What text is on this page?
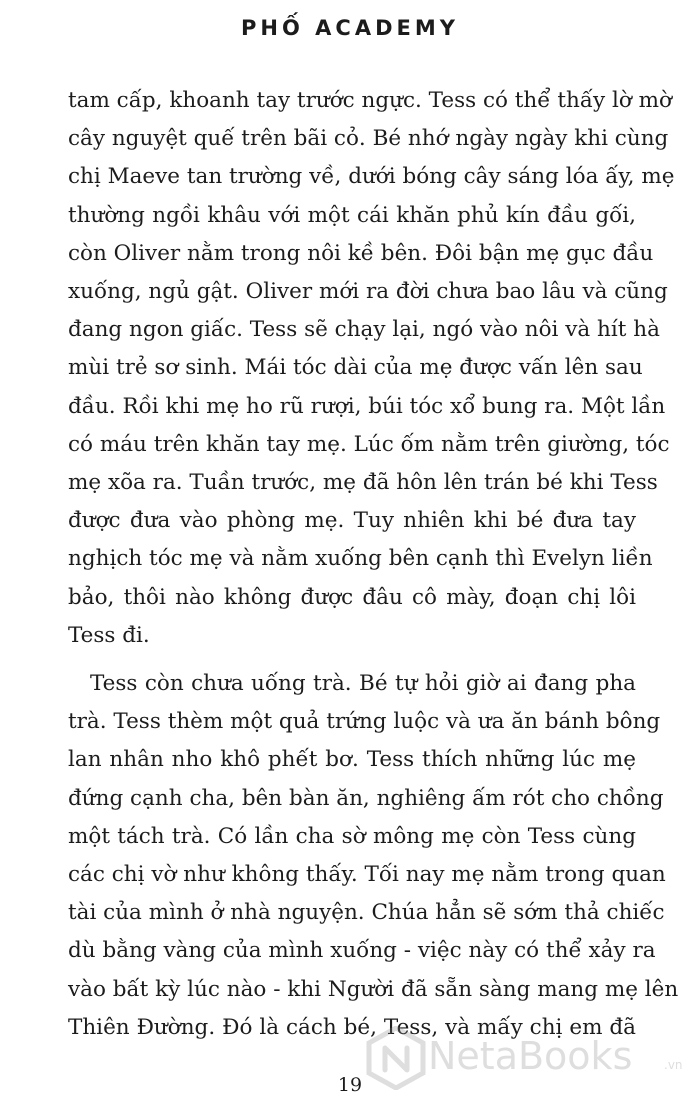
PHỐ ACADEMY
tam cấp, khoanh tay trước ngực. Tess có thể thấy lờ mờ
cây nguyệt quế trên bãi cỏ. Bé nhớ ngày ngày khi cùng
chị Maeve tan trường về, dưới bóng cây sáng lóa ấy, mẹ
thường ngồi khâu với một cái khăn phủ kín đầu gối,
còn Oliver nằm trong nôi kề bên. Đôi bận mẹ gục đầu
xuống, ngủ gật. Oliver mới ra đời chưa bao lâu và cũng
đang ngon giấc. Tess sẽ chạy lại, ngó vào nôi và hít hà
mùi trẻ sơ sinh. Mái tóc dài của mẹ được vấn lên sau
đầu. Rồi khi mẹ ho rũ rượi, búi tóc xổ bung ra. Một lần
có máu trên khăn tay mẹ. Lúc ốm nằm trên giường, tóc
mẹ xõa ra. Tuần trước, mẹ đã hôn lên trán bé khi Tess
được đưa vào phòng mẹ. Tuy nhiên khi bé đưa tay
nghịch tóc mẹ và nằm xuống bên cạnh thì Evelyn liền
bảo, thôi nào không được đâu cô mày, đoạn chị lôi
Tess đi.
Tess còn chưa uống trà. Bé tự hỏi giờ ai đang pha
trà. Tess thèm một quả trứng luộc và ưa ăn bánh bông
lan nhân nho khô phết bơ. Tess thích những lúc mẹ
đứng cạnh cha, bên bàn ăn, nghiêng ấm rót cho chồng
một tách trà. Có lần cha sờ mông mẹ còn Tess cùng
các chị vờ như không thấy. Tối nay mẹ nằm trong quan
tài của mình ở nhà nguyện. Chúa hẳn sẽ sớm thả chiếc
dù bằng vàng của mình xuống - việc này có thể xảy ra
vào bất kỳ lúc nào - khi Người đã sẵn sàng mang mẹ lên
Thiên Đường. Đó là cách bé, Tess, và mấy chị em đã
19
NetaBooks	.vn
